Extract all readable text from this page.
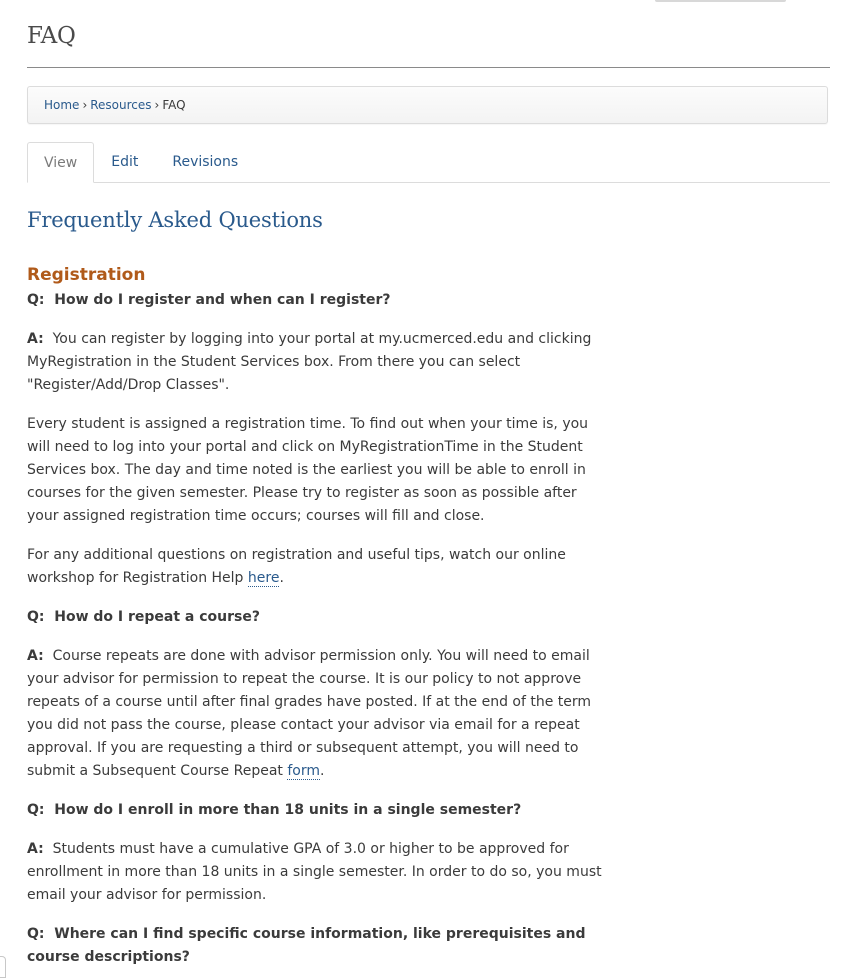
FAQ
Home › Resources › FAQ
View	Edit	Revisions
Frequently Asked Questions
Registration

Q: How do I register and when can I register?

A: You can register by logging into your portal at my.ucmerced.edu and clicking MyRegistration in the Student Services box. From there you can select "Register/Add/Drop Classes".

Every student is assigned a registration time. To find out when your time is, you will need to log into your portal and click on MyRegistrationTime in the Student Services box. The day and time noted is the earliest you will be able to enroll in courses for the given semester. Please try to register as soon as possible after your assigned registration time occurs; courses will fill and close.

For any additional questions on registration and useful tips, watch our online workshop for Registration Help here.

Q: How do I repeat a course?

A: Course repeats are done with advisor permission only. You will need to email your advisor for permission to repeat the course. It is our policy to not approve repeats of a course until after final grades have posted. If at the end of the term you did not pass the course, please contact your advisor via email for a repeat approval. If you are requesting a third or subsequent attempt, you will need to submit a Subsequent Course Repeat form.

Q: How do I enroll in more than 18 units in a single semester?

A: Students must have a cumulative GPA of 3.0 or higher to be approved for enrollment in more than 18 units in a single semester. In order to do so, you must email your advisor for permission.

Q: Where can I find specific course information, like prerequisites and course descriptions?
